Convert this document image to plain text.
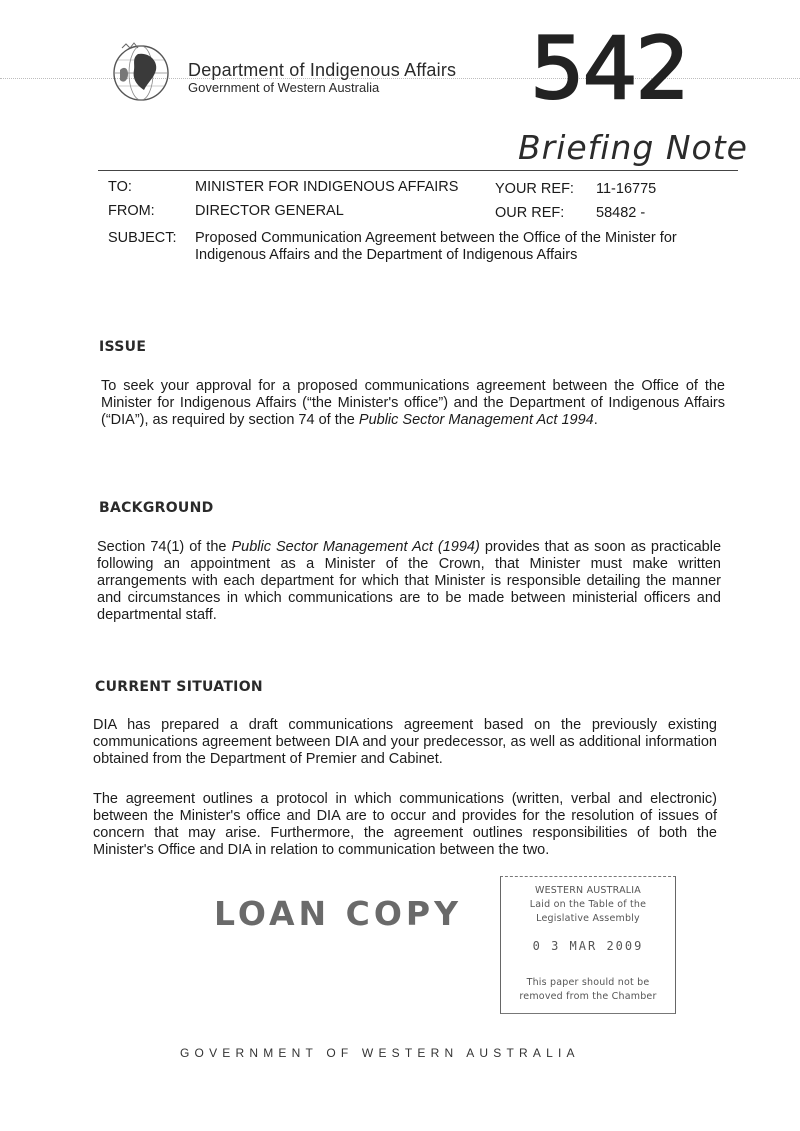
Department of Indigenous Affairs
Government of Western Australia 542
Briefing Note
TO:	MINISTER FOR INDIGENOUS AFFAIRS	YOUR REF: 11-16775
FROM:	DIRECTOR GENERAL	OUR REF: 58482 -
SUBJECT: Proposed Communication Agreement between the Office of the Minister for
Indigenous Affairs and the Department of Indigenous Affairs
ISSUE
To seek your approval for a proposed communications agreement between the Office of the Minister for Indigenous Affairs (“the Minister's office”) and the Department of Indigenous Affairs (“DIA”), as required by section 74 of the Public Sector Management Act 1994.
BACKGROUND
Section 74(1) of the Public Sector Management Act (1994) provides that as soon as practicable following an appointment as a Minister of the Crown, that Minister must make written arrangements with each department for which that Minister is responsible detailing the manner and circumstances in which communications are to be made between ministerial officers and departmental staff.
CURRENT SITUATION
DIA has prepared a draft communications agreement based on the previously existing communications agreement between DIA and your predecessor, as well as additional information obtained from the Department of Premier and Cabinet.
The agreement outlines a protocol in which communications (written, verbal and electronic) between the Minister's office and DIA are to occur and provides for the resolution of issues of concern that may arise. Furthermore, the agreement outlines responsibilities of both the Minister's Office and DIA in relation to communication between the two.
LOAN COPY
WESTERN AUSTRALIA
Laid on the Table of the
Legislative Assembly
0 3 MAR 2009
This paper should not be
removed from the Chamber
GOVERNMENT OF WESTERN AUSTRALIA
